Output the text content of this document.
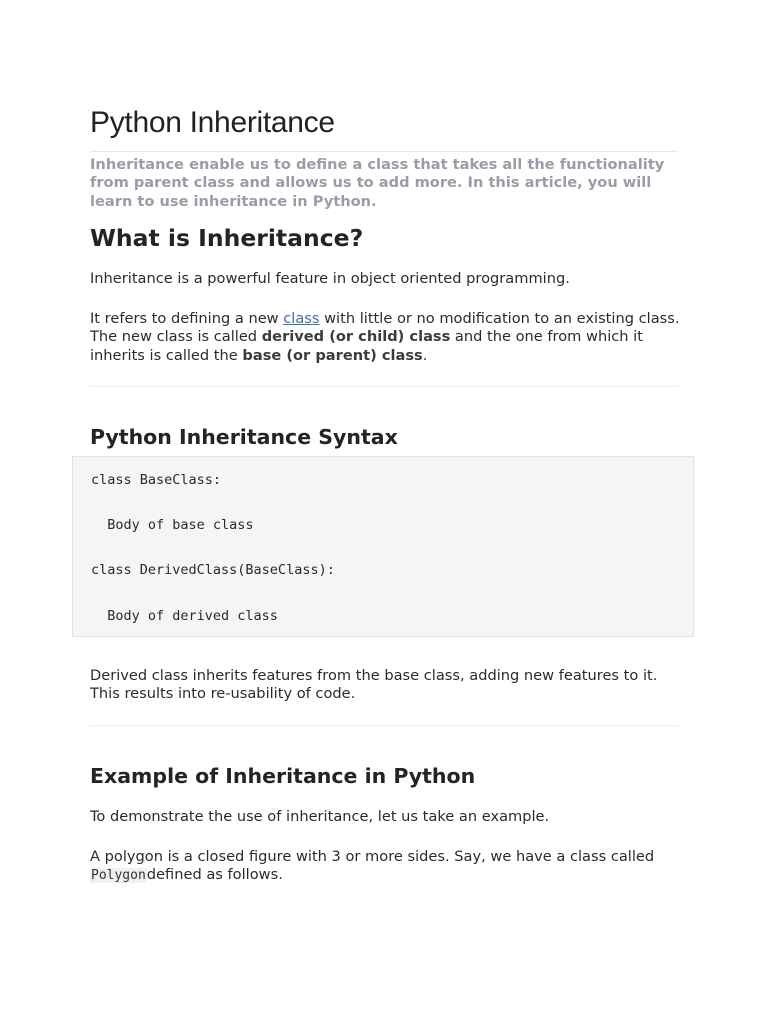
Python Inheritance

Inheritance enable us to define a class that takes all the functionality from parent class and allows us to add more. In this article, you will learn to use inheritance in Python.

What is Inheritance?

Inheritance is a powerful feature in object oriented programming.

It refers to defining a new class with little or no modification to an existing class. The new class is called derived (or child) class and the one from which it inherits is called the base (or parent) class.

Python Inheritance Syntax

Derived class inherits features from the base class, adding new features to it. This results into re-usability of code.

Example of Inheritance in Python

To demonstrate the use of inheritance, let us take an example.

A polygon is a closed figure with 3 or more sides. Say, we have a class called Polygondefined as follows.

class BaseClass:
Body of base class
class DerivedClass(BaseClass):
Body of derived class
